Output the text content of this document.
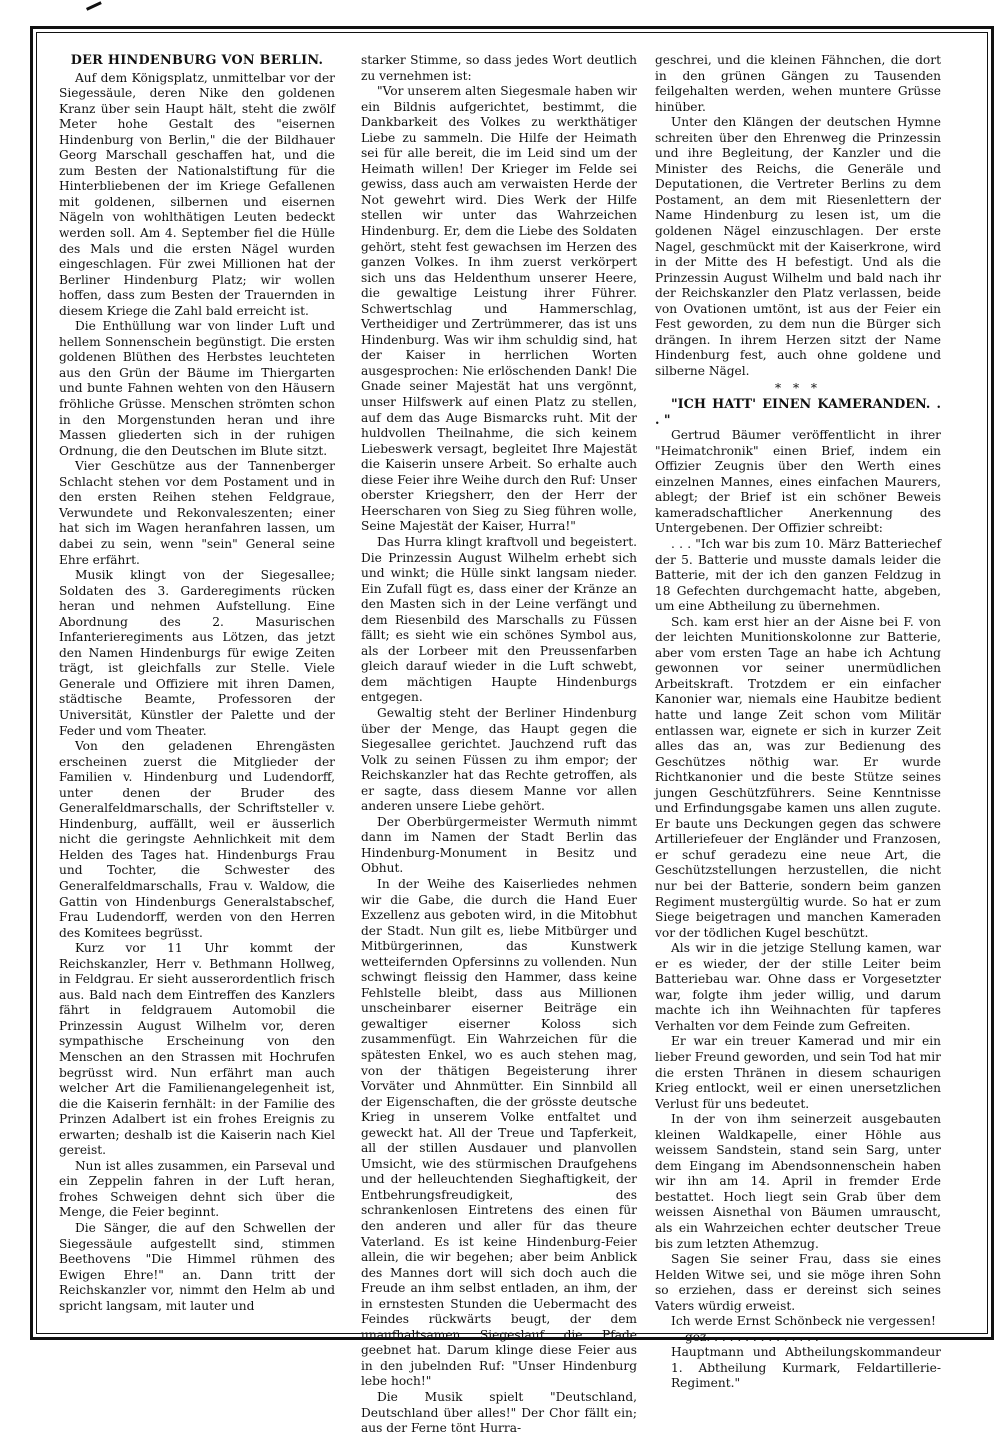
DER HINDENBURG VON BERLIN.

Auf dem Königsplatz, unmittelbar vor der Siegessäule, deren Nike den goldenen Kranz über sein Haupt hält, steht die zwölf Meter hohe Gestalt des "eisernen Hindenburg von Berlin," die der Bildhauer Georg Marschall geschaffen hat, und die zum Besten der Nationalstiftung für die Hinterbliebenen der im Kriege Gefallenen mit goldenen, silbernen und eisernen Nägeln von wohlthätigen Leuten bedeckt werden soll. Am 4. September fiel die Hülle des Mals und die ersten Nägel wurden eingeschlagen. Für zwei Millionen hat der Berliner Hindenburg Platz; wir wollen hoffen, dass zum Besten der Trauernden in diesem Kriege die Zahl bald erreicht ist.

Die Enthüllung war von linder Luft und hellem Sonnenschein begünstigt. Die ersten goldenen Blüthen des Herbstes leuchteten aus den Grün der Bäume im Thiergarten und bunte Fahnen wehten von den Häusern fröhliche Grüsse. Menschen strömten schon in den Morgenstunden heran und ihre Massen gliederten sich in der ruhigen Ordnung, die den Deutschen im Blute sitzt.

Vier Geschütze aus der Tannenberger Schlacht stehen vor dem Postament und in den ersten Reihen stehen Feldgraue, Verwundete und Rekonvaleszenten; einer hat sich im Wagen heranfahren lassen, um dabei zu sein, wenn "sein" General seine Ehre erfährt.

Musik klingt von der Siegesallee; Soldaten des 3. Garderegiments rücken heran und nehmen Aufstellung. Eine Abordnung des 2. Masurischen Infanterieregiments aus Lötzen, das jetzt den Namen Hindenburgs für ewige Zeiten trägt, ist gleichfalls zur Stelle. Viele Generale und Offiziere mit ihren Damen, städtische Beamte, Professoren der Universität, Künstler der Palette und der Feder und vom Theater.

Von den geladenen Ehrengästen erscheinen zuerst die Mitglieder der Familien v. Hindenburg und Ludendorff, unter denen der Bruder des Generalfeldmarschalls, der Schriftsteller v. Hindenburg, auffällt, weil er äusserlich nicht die geringste Aehnlichkeit mit dem Helden des Tages hat. Hindenburgs Frau und Tochter, die Schwester des Generalfeldmarschalls, Frau v. Waldow, die Gattin von Hindenburgs Generalstabschef, Frau Ludendorff, werden von den Herren des Komitees begrüsst.

Kurz vor 11 Uhr kommt der Reichskanzler, Herr v. Bethmann Hollweg, in Feldgrau. Er sieht ausserordentlich frisch aus. Bald nach dem Eintreffen des Kanzlers fährt in feldgrauem Automobil die Prinzessin August Wilhelm vor, deren sympathische Erscheinung von den Menschen an den Strassen mit Hochrufen begrüsst wird. Nun erfährt man auch welcher Art die Familienangelegenheit ist, die die Kaiserin fernhält: in der Familie des Prinzen Adalbert ist ein frohes Ereignis zu erwarten; deshalb ist die Kaiserin nach Kiel gereist.

Nun ist alles zusammen, ein Parseval und ein Zeppelin fahren in der Luft heran, frohes Schweigen dehnt sich über die Menge, die Feier beginnt.

Die Sänger, die auf den Schwellen der Siegessäule aufgestellt sind, stimmen Beethovens "Die Himmel rühmen des Ewigen Ehre!" an. Dann tritt der Reichskanzler vor, nimmt den Helm ab und spricht langsam, mit lauter und

starker Stimme, so dass jedes Wort deutlich zu vernehmen ist:

"Vor unserem alten Siegesmale haben wir ein Bildnis aufgerichtet, bestimmt, die Dankbarkeit des Volkes zu werkthätiger Liebe zu sammeln. Die Hilfe der Heimath sei für alle bereit, die im Leid sind um der Heimath willen! Der Krieger im Felde sei gewiss, dass auch am verwaisten Herde der Not gewehrt wird. Dies Werk der Hilfe stellen wir unter das Wahrzeichen Hindenburg. Er, dem die Liebe des Soldaten gehört, steht fest gewachsen im Herzen des ganzen Volkes. In ihm zuerst verkörpert sich uns das Heldenthum unserer Heere, die gewaltige Leistung ihrer Führer. Schwertschlag und Hammerschlag, Vertheidiger und Zertrümmerer, das ist uns Hindenburg. Was wir ihm schuldig sind, hat der Kaiser in herrlichen Worten ausgesprochen: Nie erlöschenden Dank! Die Gnade seiner Majestät hat uns vergönnt, unser Hilfswerk auf einen Platz zu stellen, auf dem das Auge Bismarcks ruht. Mit der huldvollen Theilnahme, die sich keinem Liebeswerk versagt, begleitet Ihre Majestät die Kaiserin unsere Arbeit. So erhalte auch diese Feier ihre Weihe durch den Ruf: Unser oberster Kriegsherr, den der Herr der Heerscharen von Sieg zu Sieg führen wolle, Seine Majestät der Kaiser, Hurra!"

Das Hurra klingt kraftvoll und begeistert. Die Prinzessin August Wilhelm erhebt sich und winkt; die Hülle sinkt langsam nieder. Ein Zufall fügt es, dass einer der Kränze an den Masten sich in der Leine verfängt und dem Riesenbild des Marschalls zu Füssen fällt; es sieht wie ein schönes Symbol aus, als der Lorbeer mit den Preussenfarben gleich darauf wieder in die Luft schwebt, dem mächtigen Haupte Hindenburgs entgegen.

Gewaltig steht der Berliner Hindenburg über der Menge, das Haupt gegen die Siegesallee gerichtet. Jauchzend ruft das Volk zu seinen Füssen zu ihm empor; der Reichskanzler hat das Rechte getroffen, als er sagte, dass diesem Manne vor allen anderen unsere Liebe gehört.

Der Oberbürgermeister Wermuth nimmt dann im Namen der Stadt Berlin das Hindenburg-Monument in Besitz und Obhut.

In der Weihe des Kaiserliedes nehmen wir die Gabe, die durch die Hand Euer Exzellenz aus geboten wird, in die Mitobhut der Stadt. Nun gilt es, liebe Mitbürger und Mitbürgerinnen, das Kunstwerk wetteifernden Opfersinns zu vollenden. Nun schwingt fleissig den Hammer, dass keine Fehlstelle bleibt, dass aus Millionen unscheinbarer eiserner Beiträge ein gewaltiger eiserner Koloss sich zusammenfügt. Ein Wahrzeichen für die spätesten Enkel, wo es auch stehen mag, von der thätigen Begeisterung ihrer Vorväter und Ahnmütter. Ein Sinnbild all der Eigenschaften, die der grösste deutsche Krieg in unserem Volke entfaltet und geweckt hat. All der Treue und Tapferkeit, all der stillen Ausdauer und planvollen Umsicht, wie des stürmischen Draufgehens und der helleuchtenden Sieghaftigkeit, der Entbehrungsfreudigkeit, des schrankenlosen Eintretens des einen für den anderen und aller für das theure Vaterland. Es ist keine Hindenburg-Feier allein, die wir begehen; aber beim Anblick des Mannes dort will sich doch auch die Freude an ihm selbst entladen, an ihm, der in ernstesten Stunden die Uebermacht des Feindes rückwärts beugt, der dem unaufhaltsamen Siegeslauf die Pfade geebnet hat. Darum klinge diese Feier aus in den jubelnden Ruf: "Unser Hindenburg lebe hoch!"

Die Musik spielt "Deutschland, Deutschland über alles!" Der Chor fällt ein; aus der Ferne tönt Hurra-

geschrei, und die kleinen Fähnchen, die dort in den grünen Gängen zu Tausenden feilgehalten werden, wehen muntere Grüsse hinüber.

Unter den Klängen der deutschen Hymne schreiten über den Ehrenweg die Prinzessin und ihre Begleitung, der Kanzler und die Minister des Reichs, die Generäle und Deputationen, die Vertreter Berlins zu dem Postament, an dem mit Riesenlettern der Name Hindenburg zu lesen ist, um die goldenen Nägel einzuschlagen. Der erste Nagel, geschmückt mit der Kaiserkrone, wird in der Mitte des H befestigt. Und als die Prinzessin August Wilhelm und bald nach ihr der Reichskanzler den Platz verlassen, beide von Ovationen umtönt, ist aus der Feier ein Fest geworden, zu dem nun die Bürger sich drängen. In ihrem Herzen sitzt der Name Hindenburg fest, auch ohne goldene und silberne Nägel.

* * *

"ICH HATT' EINEN KAMERANDEN. . . "

Gertrud Bäumer veröffentlicht in ihrer "Heimatchronik" einen Brief, indem ein Offizier Zeugnis über den Werth eines einzelnen Mannes, eines einfachen Maurers, ablegt; der Brief ist ein schöner Beweis kameradschaftlicher Anerkennung des Untergebenen. Der Offizier schreibt:

. . . "Ich war bis zum 10. März Batteriechef der 5. Batterie und musste damals leider die Batterie, mit der ich den ganzen Feldzug in 18 Gefechten durchgemacht hatte, abgeben, um eine Abtheilung zu übernehmen.

Sch. kam erst hier an der Aisne bei F. von der leichten Munitionskolonne zur Batterie, aber vom ersten Tage an habe ich Achtung gewonnen vor seiner unermüdlichen Arbeitskraft. Trotzdem er ein einfacher Kanonier war, niemals eine Haubitze bedient hatte und lange Zeit schon vom Militär entlassen war, eignete er sich in kurzer Zeit alles das an, was zur Bedienung des Geschützes nöthig war. Er wurde Richtkanonier und die beste Stütze seines jungen Geschützführers. Seine Kenntnisse und Erfindungsgabe kamen uns allen zugute. Er baute uns Deckungen gegen das schwere Artilleriefeuer der Engländer und Franzosen, er schuf geradezu eine neue Art, die Geschützstellungen herzustellen, die nicht nur bei der Batterie, sondern beim ganzen Regiment mustergültig wurde. So hat er zum Siege beigetragen und manchen Kameraden vor der tödlichen Kugel beschützt.

Als wir in die jetzige Stellung kamen, war er es wieder, der der stille Leiter beim Batteriebau war. Ohne dass er Vorgesetzter war, folgte ihm jeder willig, und darum machte ich ihn Weihnachten für tapferes Verhalten vor dem Feinde zum Gefreiten.

Er war ein treuer Kamerad und mir ein lieber Freund geworden, und sein Tod hat mir die ersten Thränen in diesem schaurigen Krieg entlockt, weil er einen unersetzlichen Verlust für uns bedeutet.

In der von ihm seinerzeit ausgebauten kleinen Waldkapelle, einer Höhle aus weissem Sandstein, stand sein Sarg, unter dem Eingang im Abendsonnenschein haben wir ihn am 14. April in fremder Erde bestattet. Hoch liegt sein Grab über dem weissen Aisnethal von Bäumen umrauscht, als ein Wahrzeichen echter deutscher Treue bis zum letzten Athemzug.

Sagen Sie seiner Frau, dass sie eines Helden Witwe sei, und sie möge ihren Sohn so erziehen, dass er dereinst sich seines Vaters würdig erweist.

Ich werde Ernst Schönbeck nie vergessen!

gez. . . . . . . . . . . . . . .

Hauptmann und Abtheilungskommandeur 1. Abtheilung Kurmark, Feldartillerie-Regiment."
